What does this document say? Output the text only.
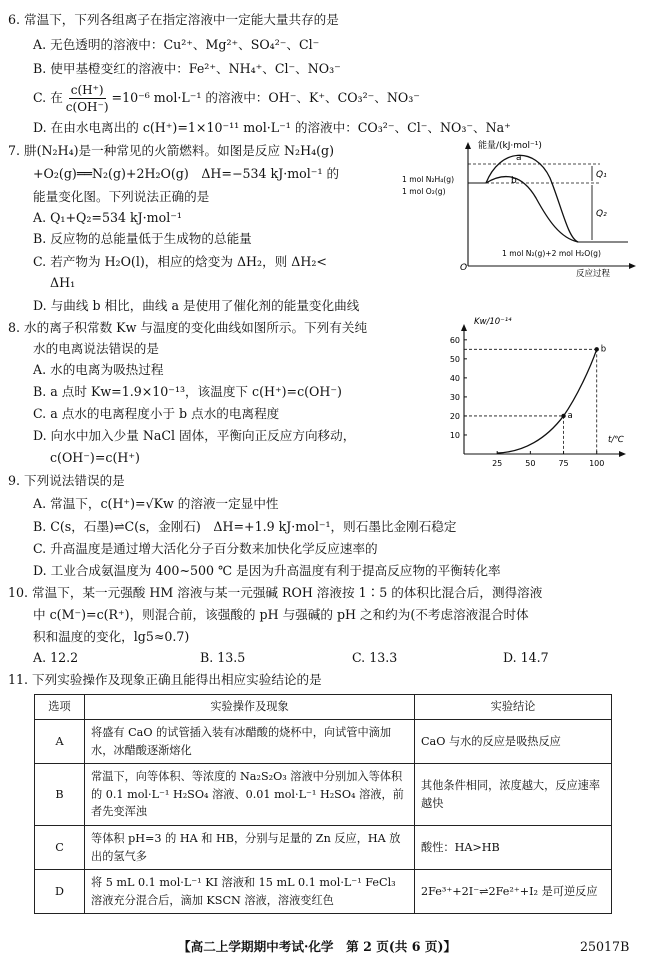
6. 常温下，下列各组离子在指定溶液中一定能大量共存的是
A. 无色透明的溶液中：Cu²⁺、Mg²⁺、SO₄²⁻、Cl⁻
B. 使甲基橙变红的溶液中：Fe²⁺、NH₄⁺、Cl⁻、NO₃⁻
C. 在 $\frac{c(H^+)}{c(OH^-)} =10^{-6}$ mol·L⁻¹ 的溶液中：OH⁻、K⁺、CO₃²⁻、NO₃⁻
D. 在由水电离出的 c(H⁺)=1×10⁻¹¹ mol·L⁻¹ 的溶液中：CO₃²⁻、Cl⁻、NO₃⁻、Na⁺
7. 肼(N₂H₄)是一种常见的火箭燃料。如图是反应 N₂H₄(g)
+O₂(g)══N₂(g)+2H₂O(g)　ΔH=−534 kJ·mol⁻¹ 的
能量变化图。下列说法正确的是
A. Q₁+Q₂=534 kJ·mol⁻¹
B. 反应物的总能量低于生成物的总能量
C. 若产物为 H₂O(l)，相应的焓变为 ΔH₂，则 ΔH₂<
ΔH₁
D. 与曲线 b 相比，曲线 a 是使用了催化剂的能量变化曲线
能量/(kJ·mol⁻¹)
O
反应过程
1 mol N₂H₄(g)
1 mol O₂(g)
a
b
Q₁
Q₂
1 mol N₂(g)+2 mol H₂O(g)
8. 水的离子积常数 Kw 与温度的变化曲线如图所示。下列有关纯
水的电离说法错误的是
A. 水的电离为吸热过程
B. a 点时 Kw=1.9×10⁻¹³，该温度下 c(H⁺)=c(OH⁻)
C. a 点水的电离程度小于 b 点水的电离程度
D. 向水中加入少量 NaCl 固体，平衡向正反应方向移动，
c(OH⁻)=c(H⁺)
Kw/10⁻¹⁴
t/℃
10
20
30
40
50
60
25	50	75	100
a
b
9. 下列说法错误的是
A. 常温下，c(H⁺)=√Kw 的溶液一定显中性
B. C(s，石墨)⇌C(s，金刚石)　ΔH=+1.9 kJ·mol⁻¹，则石墨比金刚石稳定
C. 升高温度是通过增大活化分子百分数来加快化学反应速率的
D. 工业合成氨温度为 400~500 ℃ 是因为升高温度有利于提高反应物的平衡转化率
10. 常温下，某一元强酸 HM 溶液与某一元强碱 ROH 溶液按 1∶5 的体积比混合后，测得溶液
中 c(M⁻)=c(R⁺)，则混合前，该强酸的 pH 与强碱的 pH 之和约为(不考虑溶液混合时体
积和温度的变化，lg5≈0.7)
A. 12.2	B. 13.5	C. 13.3	D. 14.7
11. 下列实验操作及现象正确且能得出相应实验结论的是
选项	实验操作及现象	实验结论
A	将盛有 CaO 的试管插入装有冰醋酸的烧杯中，向试管中滴加水，冰醋酸逐渐熔化	CaO 与水的反应是吸热反应
B	常温下，向等体积、等浓度的 Na₂S₂O₃ 溶液中分别加入等体积的 0.1 mol·L⁻¹ H₂SO₄ 溶液、0.01 mol·L⁻¹ H₂SO₄ 溶液，前者先变浑浊	其他条件相同，浓度越大，反应速率越快
C	等体积 pH=3 的 HA 和 HB，分别与足量的 Zn 反应，HA 放出的氢气多	酸性：HA>HB
D	将 5 mL 0.1 mol·L⁻¹ KI 溶液和 15 mL 0.1 mol·L⁻¹ FeCl₃ 溶液充分混合后，滴加 KSCN 溶液，溶液变红色	2Fe³⁺+2I⁻⇌2Fe²⁺+I₂ 是可逆反应
【高二上学期期中考试·化学　第 2 页(共 6 页)】	25017B
